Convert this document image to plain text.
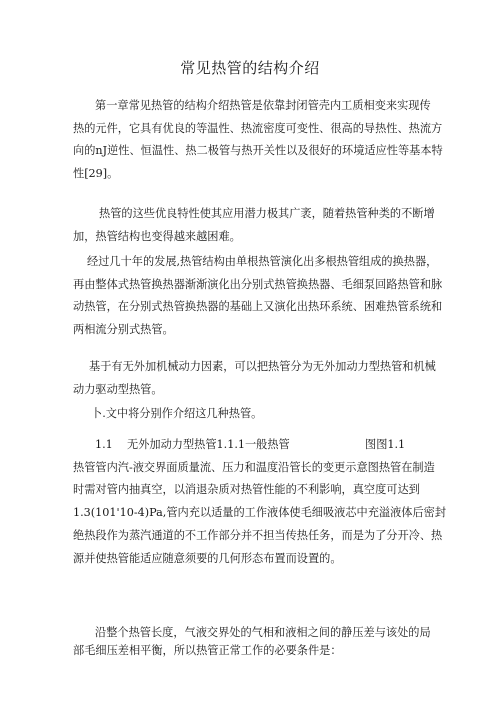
常见热管的结构介绍
第一章常见热管的结构介绍热管是依靠封闭管壳内工质相变来实现传
热的元件，它具有优良的等温性、热流密度可变性、很高的导热性、热流方
向的nJ逆性、恒温性、热二极管与热开关性以及很好的环境适应性等基本特
性[29]。
热管的这些优良特性使其应用潜力极其广袤，随着热管种类的不断增
加，热管结构也变得越来越困难。
经过几十年的发展,热管结构由单根热管演化出多根热管组成的换热器，
再由整体式热管换热器渐渐演化出分别式热管换热器、毛细泵回路热管和脉
动热管，在分别式热管换热器的基础上又演化出热环系统、困难热管系统和
两相流分别式热管。
基于有无外加机械动力因素，可以把热管分为无外加动力型热管和机械
动力驱动型热管。
卜.文中将分别作介绍这几种热管。
1.1 无外加动力型热管1.1.1一般热管	图图1.1
热管管内汽-液交界面质量流、压力和温度沿管长的变更示意图热管在制造
时需对管内抽真空，以消退杂质对热管性能的不利影响，真空度可达到
1.3(101'10-4)Pa,管内充以适量的工作液体使毛细吸液芯中充溢液体后密封
绝热段作为蒸汽通道的不工作部分并不担当传热任务，而是为了分开冷、热
源并使热管能适应随意须要的几何形态布置而设置的。
沿整个热管长度，气液交界处的气相和液相之间的静压差与该处的局
部毛细压差相平衡，所以热管正常工作的必要条件是：
